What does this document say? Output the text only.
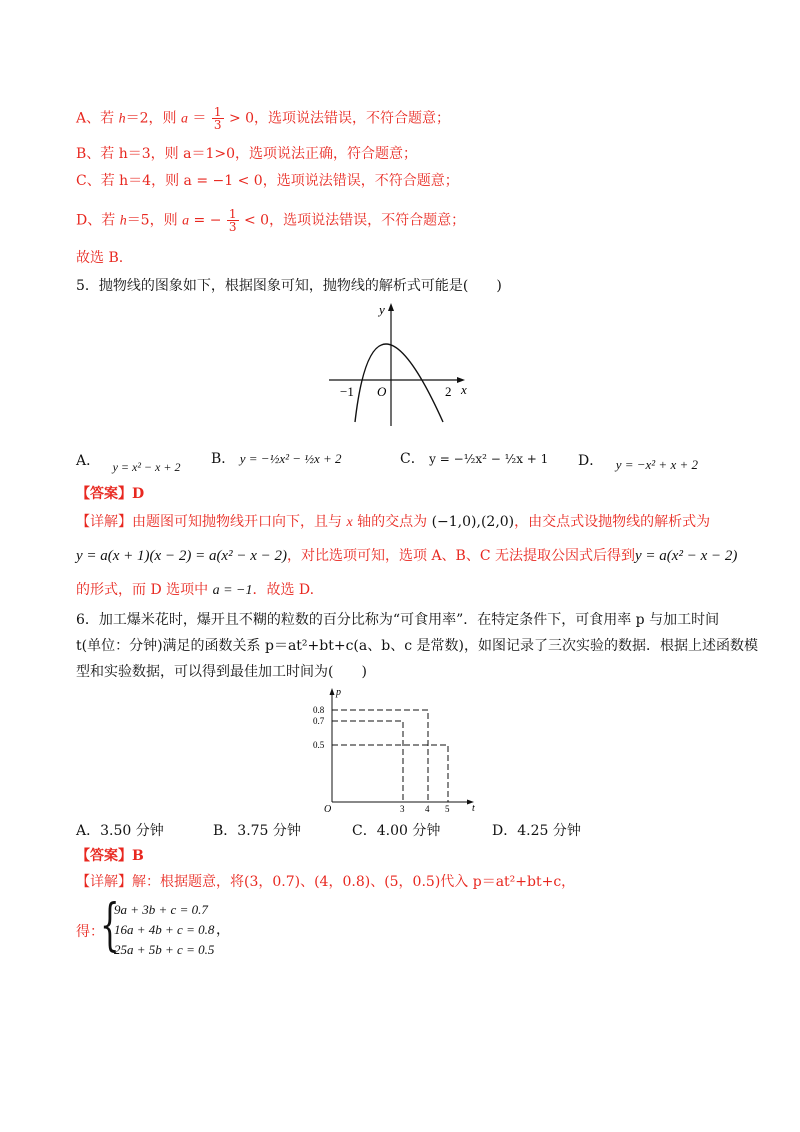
A、若 h＝2，则 $a = \frac{1}{3} > 0$，选项说法错误，不符合题意；
B、若 h＝3，则 a＝1>0，选项说法正确，符合题意；
C、若 h＝4，则 a = −1 < 0，选项说法错误，不符合题意；
D、若 h＝5，则 a = − $\frac{1}{3} < 0$，选项说法错误，不符合题意；
故选 B.
5．抛物线的图象如下，根据图象可知，抛物线的解析式可能是(　　)
y
x
O
−1	2
A． y = x² − x + 2 B． y = −½x² − ½x + 2	C． y = −½x² − ½x + 1 D． y = −x² + x + 2
【答案】D
【详解】由题图可知抛物线开口向下，且与 x 轴的交点为 (−1,0),(2,0)，由交点式设抛物线的解析式为
y = a(x + 1)(x − 2) = a(x² − x − 2)，对比选项可知，选项 A、B、C 无法提取公因式后得到y = a(x² − x − 2)
的形式，而 D 选项中 a = −1．故选 D.
6．加工爆米花时，爆开且不糊的粒数的百分比称为“可食用率”．在特定条件下，可食用率 p 与加工时间
t(单位：分钟)满足的函数关系 p＝at²+bt+c(a、b、c 是常数)，如图记录了三次实验的数据．根据上述函数模
型和实验数据，可以得到最佳加工时间为(　　)
p
t
O
0.8
0.7
0.5
3 4 5
A．3.50 分钟	B．3.75 分钟	C．4.00 分钟	D．4.25 分钟
【答案】B
【详解】解：根据题意，将(3，0.7)、(4，0.8)、(5，0.5)代入 p＝at²+bt+c，
得：
{
9a + 3b + c = 0.7
16a + 4b + c = 0.8
25a + 5b + c = 0.5
，
